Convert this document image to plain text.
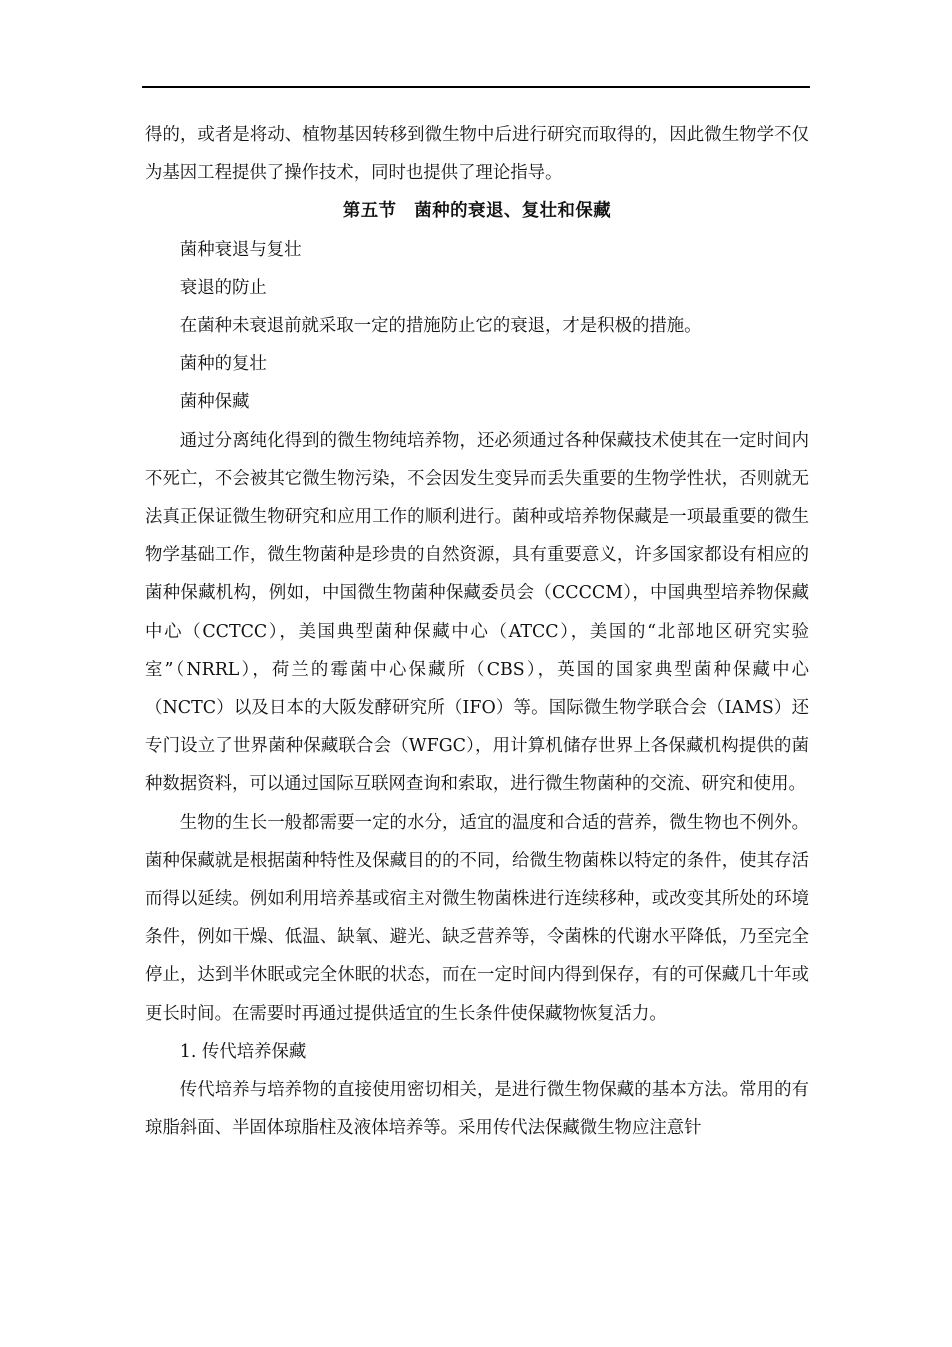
得的，或者是将动、植物基因转移到微生物中后进行研究而取得的，因此微生物学不仅为基因工程提供了操作技术，同时也提供了理论指导。

第五节　菌种的衰退、复壮和保藏

菌种衰退与复壮

衰退的防止

在菌种未衰退前就采取一定的措施防止它的衰退，才是积极的措施。

菌种的复壮

菌种保藏

通过分离纯化得到的微生物纯培养物，还必须通过各种保藏技术使其在一定时间内不死亡，不会被其它微生物污染，不会因发生变异而丢失重要的生物学性状，否则就无法真正保证微生物研究和应用工作的顺利进行。菌种或培养物保藏是一项最重要的微生物学基础工作，微生物菌种是珍贵的自然资源，具有重要意义，许多国家都设有相应的菌种保藏机构，例如，中国微生物菌种保藏委员会（CCCCM），中国典型培养物保藏中心（CCTCC），美国典型菌种保藏中心（ATCC），美国的“北部地区研究实验室”（NRRL），荷兰的霉菌中心保藏所（CBS），英国的国家典型菌种保藏中心（NCTC）以及日本的大阪发酵研究所（IFO）等。国际微生物学联合会（IAMS）还专门设立了世界菌种保藏联合会（WFGC），用计算机储存世界上各保藏机构提供的菌种数据资料，可以通过国际互联网查询和索取，进行微生物菌种的交流、研究和使用。

生物的生长一般都需要一定的水分，适宜的温度和合适的营养，微生物也不例外。菌种保藏就是根据菌种特性及保藏目的的不同，给微生物菌株以特定的条件，使其存活而得以延续。例如利用培养基或宿主对微生物菌株进行连续移种，或改变其所处的环境条件，例如干燥、低温、缺氧、避光、缺乏营养等，令菌株的代谢水平降低，乃至完全停止，达到半休眠或完全休眠的状态，而在一定时间内得到保存，有的可保藏几十年或更长时间。在需要时再通过提供适宜的生长条件使保藏物恢复活力。

1. 传代培养保藏

传代培养与培养物的直接使用密切相关，是进行微生物保藏的基本方法。常用的有琼脂斜面、半固体琼脂柱及液体培养等。采用传代法保藏微生物应注意针
